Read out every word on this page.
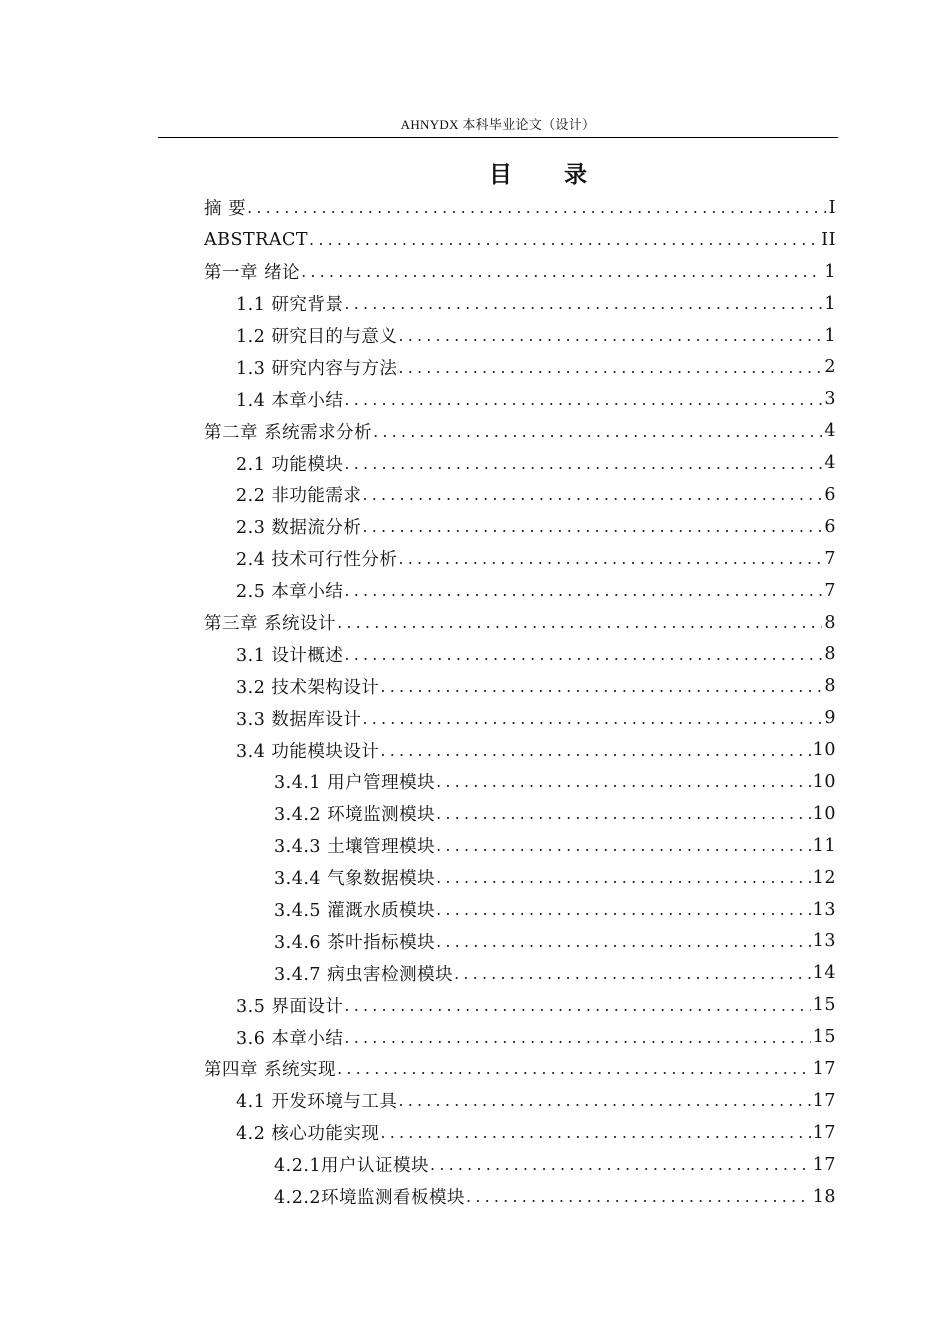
AHNYDX 本科毕业论文（设计）
目 录
摘 要 .....	I
ABSTRACT .....	II
第一章 绪论 .....	1
1.1 研究背景 .....	1
1.2 研究目的与意义 .....	1
1.3 研究内容与方法 .....	2
1.4 本章小结 .....	3
第二章 系统需求分析 .....	4
2.1 功能模块 .....	4
2.2 非功能需求 .....	6
2.3 数据流分析 .....	6
2.4 技术可行性分析 .....	7
2.5 本章小结 .....	7
第三章 系统设计 .....	8
3.1 设计概述 .....	8
3.2 技术架构设计 .....	8
3.3 数据库设计 .....	9
3.4 功能模块设计 .....	10
3.4.1 用户管理模块 .....	10
3.4.2 环境监测模块 .....	10
3.4.3 土壤管理模块 .....	11
3.4.4 气象数据模块 .....	12
3.4.5 灌溉水质模块 .....	13
3.4.6 茶叶指标模块 .....	13
3.4.7 病虫害检测模块 .....	14
3.5 界面设计 .....	15
3.6 本章小结 .....	15
第四章 系统实现 .....	17
4.1 开发环境与工具 .....	17
4.2 核心功能实现 .....	17
4.2.1用户认证模块 .....	17
4.2.2环境监测看板模块 .....	18
